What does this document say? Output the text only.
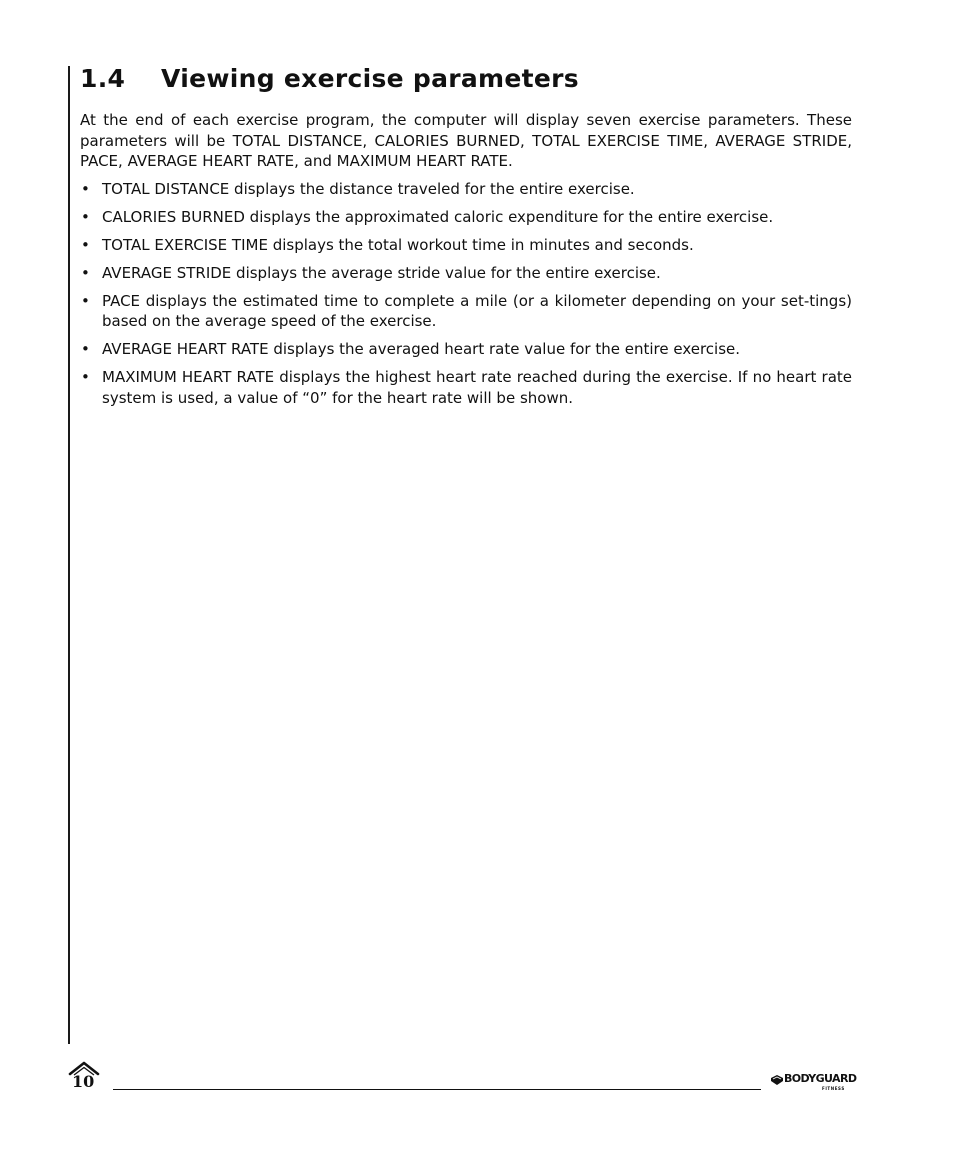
1.4	Viewing exercise parameters

At the end of each exercise program, the computer will display seven exercise parameters. These parameters will be TOTAL DISTANCE, CALORIES BURNED, TOTAL EXERCISE TIME, AVERAGE STRIDE, PACE, AVERAGE HEART RATE, and MAXIMUM HEART RATE.

• TOTAL DISTANCE displays the distance traveled for the entire exercise.
• CALORIES BURNED displays the approximated caloric expenditure for the entire exercise.
• TOTAL EXERCISE TIME displays the total workout time in minutes and seconds.
• AVERAGE STRIDE displays the average stride value for the entire exercise.
• PACE displays the estimated time to complete a mile (or a kilometer depending on your set-tings) based on the average speed of the exercise.
• AVERAGE HEART RATE displays the averaged heart rate value for the entire exercise.
• MAXIMUM HEART RATE displays the highest heart rate reached during the exercise. If no heart rate system is used, a value of “0” for the heart rate will be shown.
10	BODYGUARD
FITNESS
